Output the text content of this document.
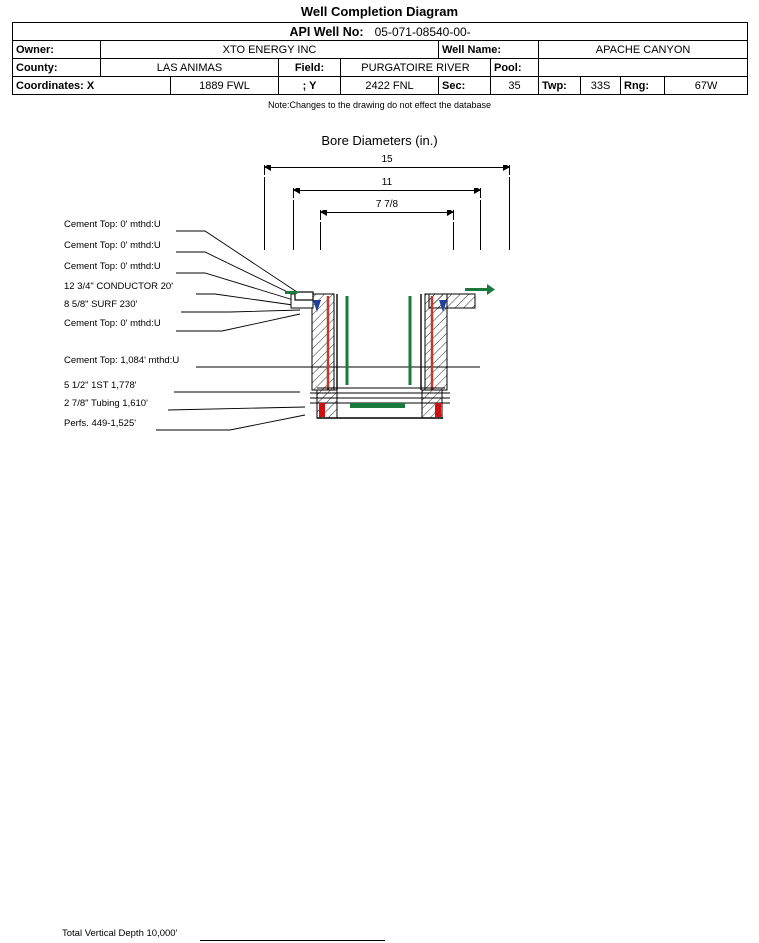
Well Completion Diagram
API Well No: 05-071-08540-00-										
Owner:	XTO ENERGY INC				Well Name:		APACHE CANYON			
County:	LAS ANIMAS		Field:	PURGATOIRE RIVER		Pool:				
Coordinates: X		1889 FWL	; Y	2422 FNL	Sec:	35	Twp:	33S	Rng:	67W
Note:Changes to the drawing do not effect the database
Bore Diameters (in.)
15
11
7 7/8
Cement Top: 0' mthd:U
Cement Top: 0' mthd:U
Cement Top: 0' mthd:U
12 3/4" CONDUCTOR 20'
8 5/8" SURF 230'
Cement Top: 0' mthd:U
Cement Top: 1,084' mthd:U
5 1/2" 1ST 1,778'
2 7/8" Tubing 1,610'
Perfs. 449-1,525'
Total Vertical Depth 10,000'
